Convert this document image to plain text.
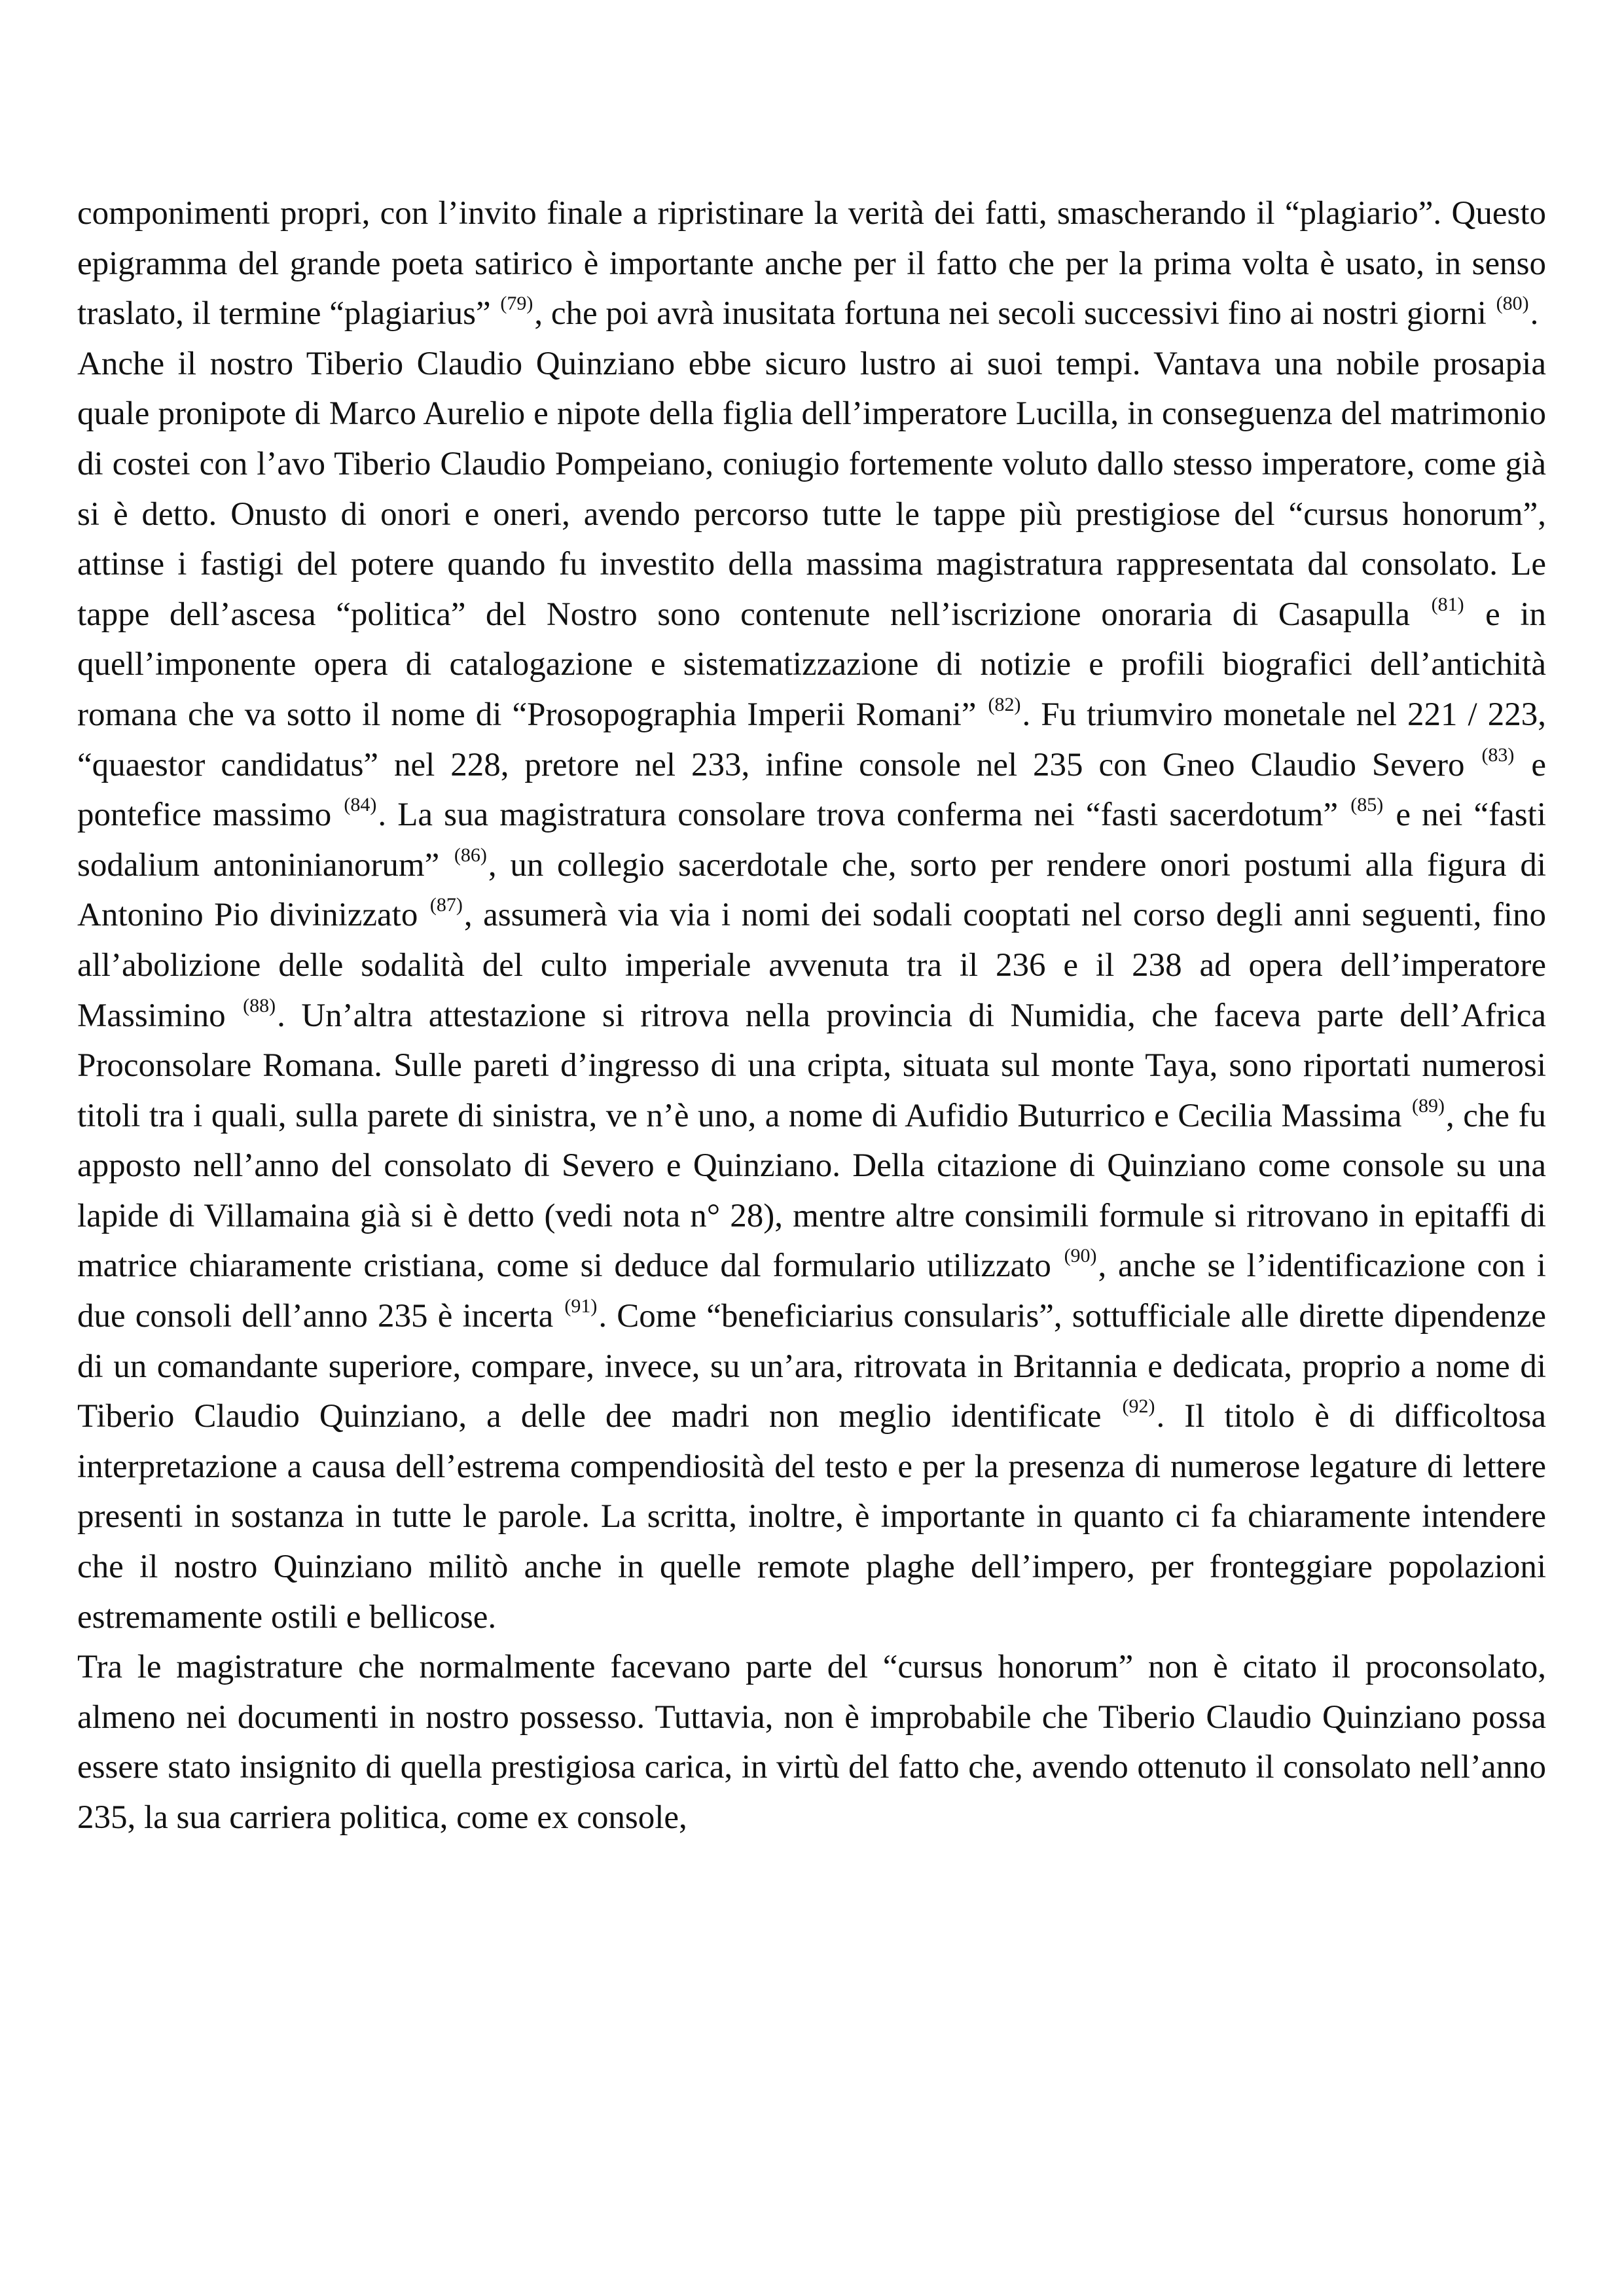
componimenti propri, con l’invito finale a ripristinare la verità dei fatti, smascherando il “plagiario”. Questo epigramma del grande poeta satirico è importante anche per il fatto che per la prima volta è usato, in senso traslato, il termine “plagiarius” $^{(79)}$, che poi avrà inusitata fortuna nei secoli successivi fino ai nostri giorni $^{(80)}$.

Anche il nostro Tiberio Claudio Quinziano ebbe sicuro lustro ai suoi tempi. Vantava una nobile prosapia quale pronipote di Marco Aurelio e nipote della figlia dell’imperatore Lucilla, in conseguenza del matrimonio di costei con l’avo Tiberio Claudio Pompeiano, coniugio fortemente voluto dallo stesso imperatore, come già si è detto. Onusto di onori e oneri, avendo percorso tutte le tappe più prestigiose del “cursus honorum”, attinse i fastigi del potere quando fu investito della massima magistratura rappresentata dal consolato. Le tappe dell’ascesa “politica” del Nostro sono contenute nell’iscrizione onoraria di Casapulla $^{(81)}$ e in quell’imponente opera di catalogazione e sistematizzazione di notizie e profili biografici dell’antichità romana che va sotto il nome di “Prosopographia Imperii Romani” $^{(82)}$. Fu triumviro monetale nel 221 / 223, “quaestor candidatus” nel 228, pretore nel 233, infine console nel 235 con Gneo Claudio Severo $^{(83)}$ e pontefice massimo $^{(84)}$. La sua magistratura consolare trova conferma nei “fasti sacerdotum” $^{(85)}$ e nei “fasti sodalium antoninianorum” $^{(86)}$, un collegio sacerdotale che, sorto per rendere onori postumi alla figura di Antonino Pio divinizzato $^{(87)}$, assumerà via via i nomi dei sodali cooptati nel corso degli anni seguenti, fino all’abolizione delle sodalità del culto imperiale avvenuta tra il 236 e il 238 ad opera dell’imperatore Massimino $^{(88)}$. Un’altra attestazione si ritrova nella provincia di Numidia, che faceva parte dell’Africa Proconsolare Romana. Sulle pareti d’ingresso di una cripta, situata sul monte Taya, sono riportati numerosi titoli tra i quali, sulla parete di sinistra, ve n’è uno, a nome di Aufidio Buturrico e Cecilia Massima $^{(89)}$, che fu apposto nell’anno del consolato di Severo e Quinziano. Della citazione di Quinziano come console su una lapide di Villamaina già si è detto (vedi nota n° 28), mentre altre consimili formule si ritrovano in epitaffi di matrice chiaramente cristiana, come si deduce dal formulario utilizzato $^{(90)}$, anche se l’identificazione con i due consoli dell’anno 235 è incerta $^{(91)}$. Come “beneficiarius consularis”, sottufficiale alle dirette dipendenze di un comandante superiore, compare, invece, su un’ara, ritrovata in Britannia e dedicata, proprio a nome di Tiberio Claudio Quinziano, a delle dee madri non meglio identificate $^{(92)}$. Il titolo è di difficoltosa interpretazione a causa dell’estrema compendiosità del testo e per la presenza di numerose legature di lettere presenti in sostanza in tutte le parole. La scritta, inoltre, è importante in quanto ci fa chiaramente intendere che il nostro Quinziano militò anche in quelle remote plaghe dell’impero, per fronteggiare popolazioni estremamente ostili e bellicose.

Tra le magistrature che normalmente facevano parte del “cursus honorum” non è citato il proconsolato, almeno nei documenti in nostro possesso. Tuttavia, non è improbabile che Tiberio Claudio Quinziano possa essere stato insignito di quella prestigiosa carica, in virtù del fatto che, avendo ottenuto il consolato nell’anno 235, la sua carriera politica, come ex console,
